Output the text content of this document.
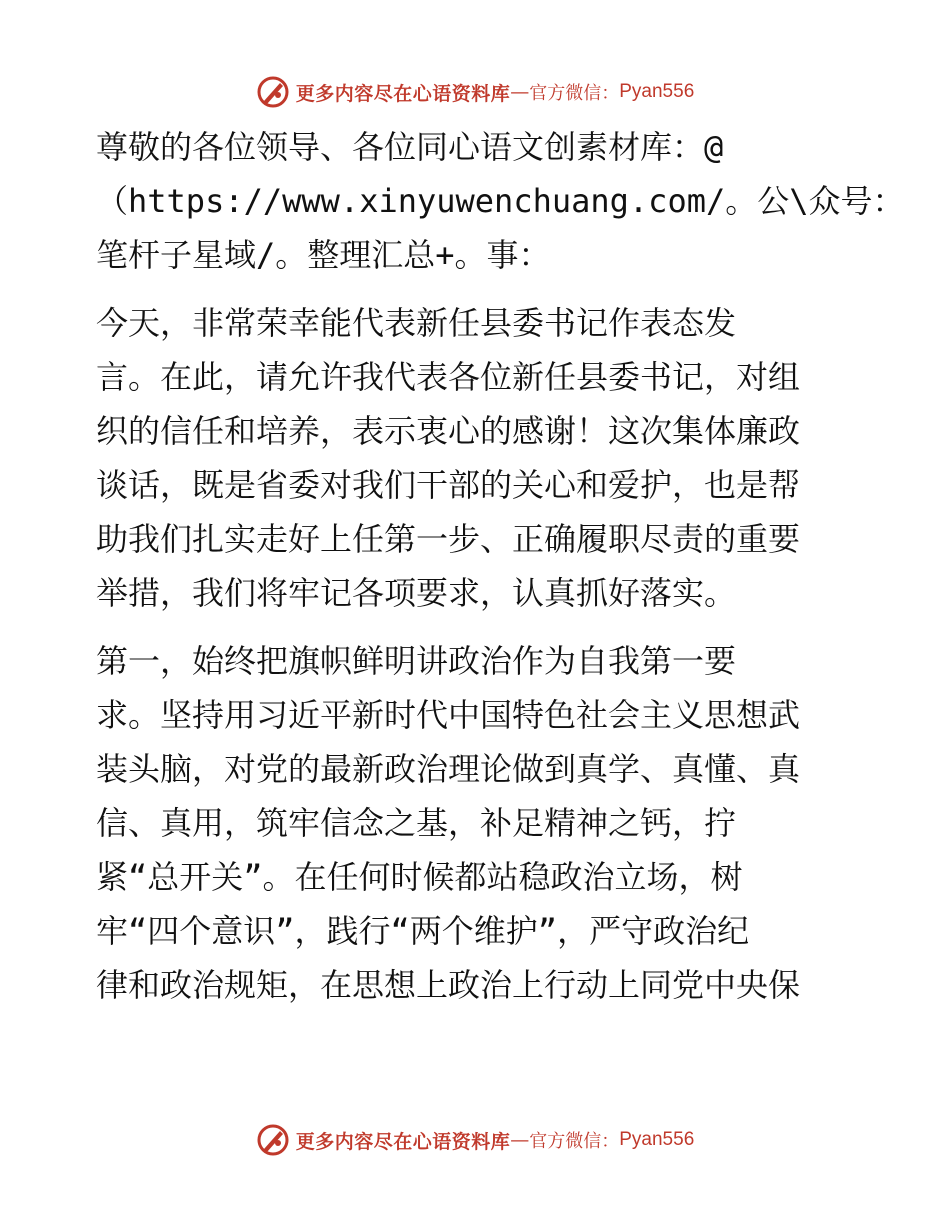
更多内容尽在心语资料库 — 官方微信： Pyan556

尊敬的各位领导、各位同心语文创素材库：@
（https://www.xinyuwenchuang.com/。公\众号：
笔杆子星域/。整理汇总+。事：

今天，非常荣幸能代表新任县委书记作表态发
言。在此，请允许我代表各位新任县委书记，对组
织的信任和培养，表示衷心的感谢！这次集体廉政
谈话，既是省委对我们干部的关心和爱护，也是帮
助我们扎实走好上任第一步、正确履职尽责的重要
举措，我们将牢记各项要求，认真抓好落实。

第一，始终把旗帜鲜明讲政治作为自我第一要
求。坚持用习近平新时代中国特色社会主义思想武
装头脑，对党的最新政治理论做到真学、真懂、真
信、真用，筑牢信念之基，补足精神之钙，拧
紧“总开关”。在任何时候都站稳政治立场，树
牢“四个意识”，践行“两个维护”，严守政治纪
律和政治规矩，在思想上政治上行动上同党中央保

更多内容尽在心语资料库 — 官方微信： Pyan556
